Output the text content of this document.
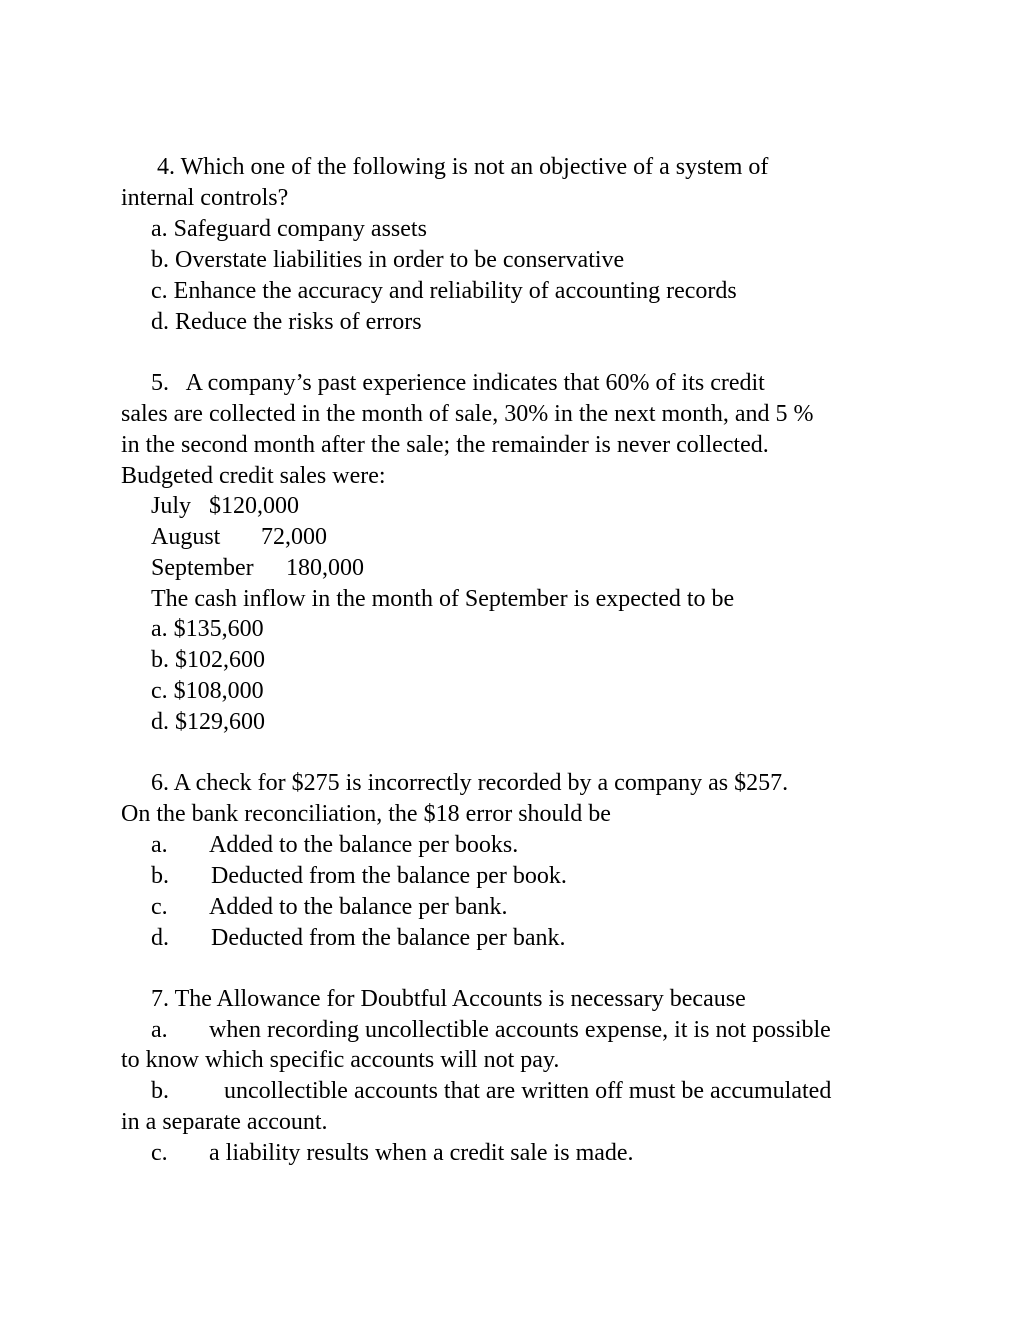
4. Which one of the following is not an objective of a system of
internal controls?
a. Safeguard company assets
b. Overstate liabilities in order to be conservative
c. Enhance the accuracy and reliability of accounting records
d. Reduce the risks of errors
5.   A company’s past experience indicates that 60% of its credit
sales are collected in the month of sale, 30% in the next month, and 5 %
in the second month after the sale; the remainder is never collected.
Budgeted credit sales were:
July $120,000
August 72,000
September 180,000
The cash inflow in the month of September is expected to be
a. $135,600
b. $102,600
c. $108,000
d. $129,600
6. A check for $275 is incorrectly recorded by a company as $257.
On the bank reconciliation, the $18 error should be
a. Added to the balance per books.
b. Deducted from the balance per book.
c. Added to the balance per bank.
d. Deducted from the balance per bank.
7. The Allowance for Doubtful Accounts is necessary because
a. when recording uncollectible accounts expense, it is not possible
to know which specific accounts will not pay.
b. uncollectible accounts that are written off must be accumulated
in a separate account.
c. a liability results when a credit sale is made.
